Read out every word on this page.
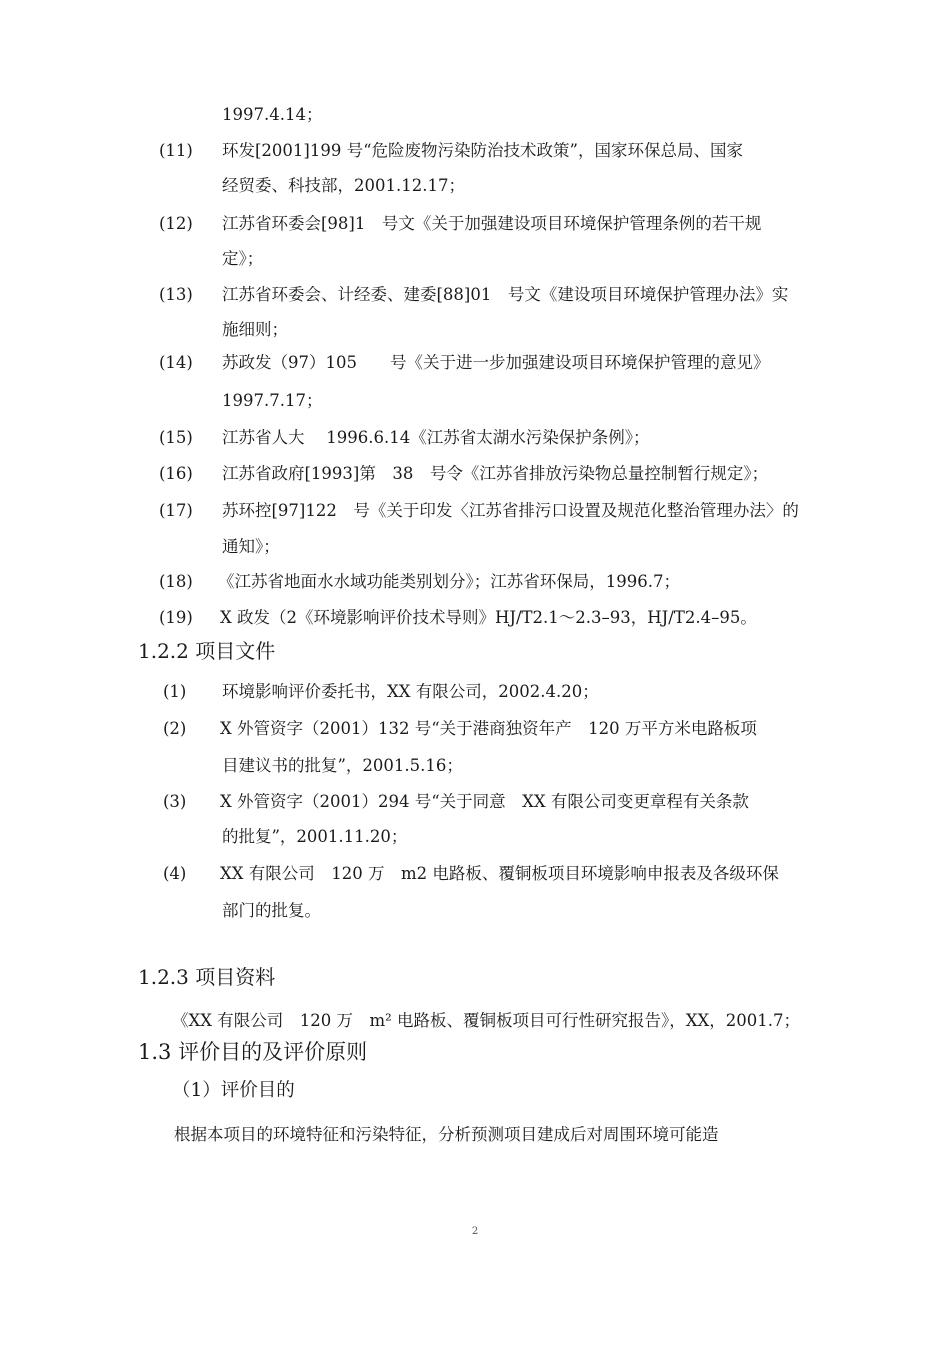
1997.4.14；
(11) 环发[2001]199 号“危险废物污染防治技术政策”，国家环保总局、国家
经贸委、科技部，2001.12.17；
(12) 江苏省环委会[98]1　号文《关于加强建设项目环境保护管理条例的若干规
定》；
(13) 江苏省环委会、计经委、建委[88]01　号文《建设项目环境保护管理办法》实
施细则；
(14) 苏政发（97）105　　号《关于进一步加强建设项目环境保护管理的意见》
1997.7.17；
(15) 江苏省人大　 1996.6.14《江苏省太湖水污染保护条例》；
(16) 江苏省政府[1993]第　38　号令《江苏省排放污染物总量控制暂行规定》；
(17) 苏环控[97]122　号《关于印发〈江苏省排污口设置及规范化整治管理办法〉的
通知》；
(18) 《江苏省地面水水域功能类别划分》；江苏省环保局，1996.7；
(19) X 政发（2《环境影响评价技术导则》HJ/T2.1～2.3–93，HJ/T2.4–95。
1.2.2 项目文件
(1) 环境影响评价委托书，XX 有限公司，2002.4.20；
(2) X 外管资字（2001）132 号“关于港商独资年产　120 万平方米电路板项
目建议书的批复”，2001.5.16；
(3) X 外管资字（2001）294 号“关于同意　XX 有限公司变更章程有关条款
的批复”，2001.11.20；
(4) XX 有限公司　120 万　m2 电路板、覆铜板项目环境影响申报表及各级环保
部门的批复。
1.2.3 项目资料
《XX 有限公司　120 万　m² 电路板、覆铜板项目可行性研究报告》，XX，2001.7；
1.3 评价目的及评价原则
（1）评价目的
根据本项目的环境特征和污染特征，分析预测项目建成后对周围环境可能造
2
